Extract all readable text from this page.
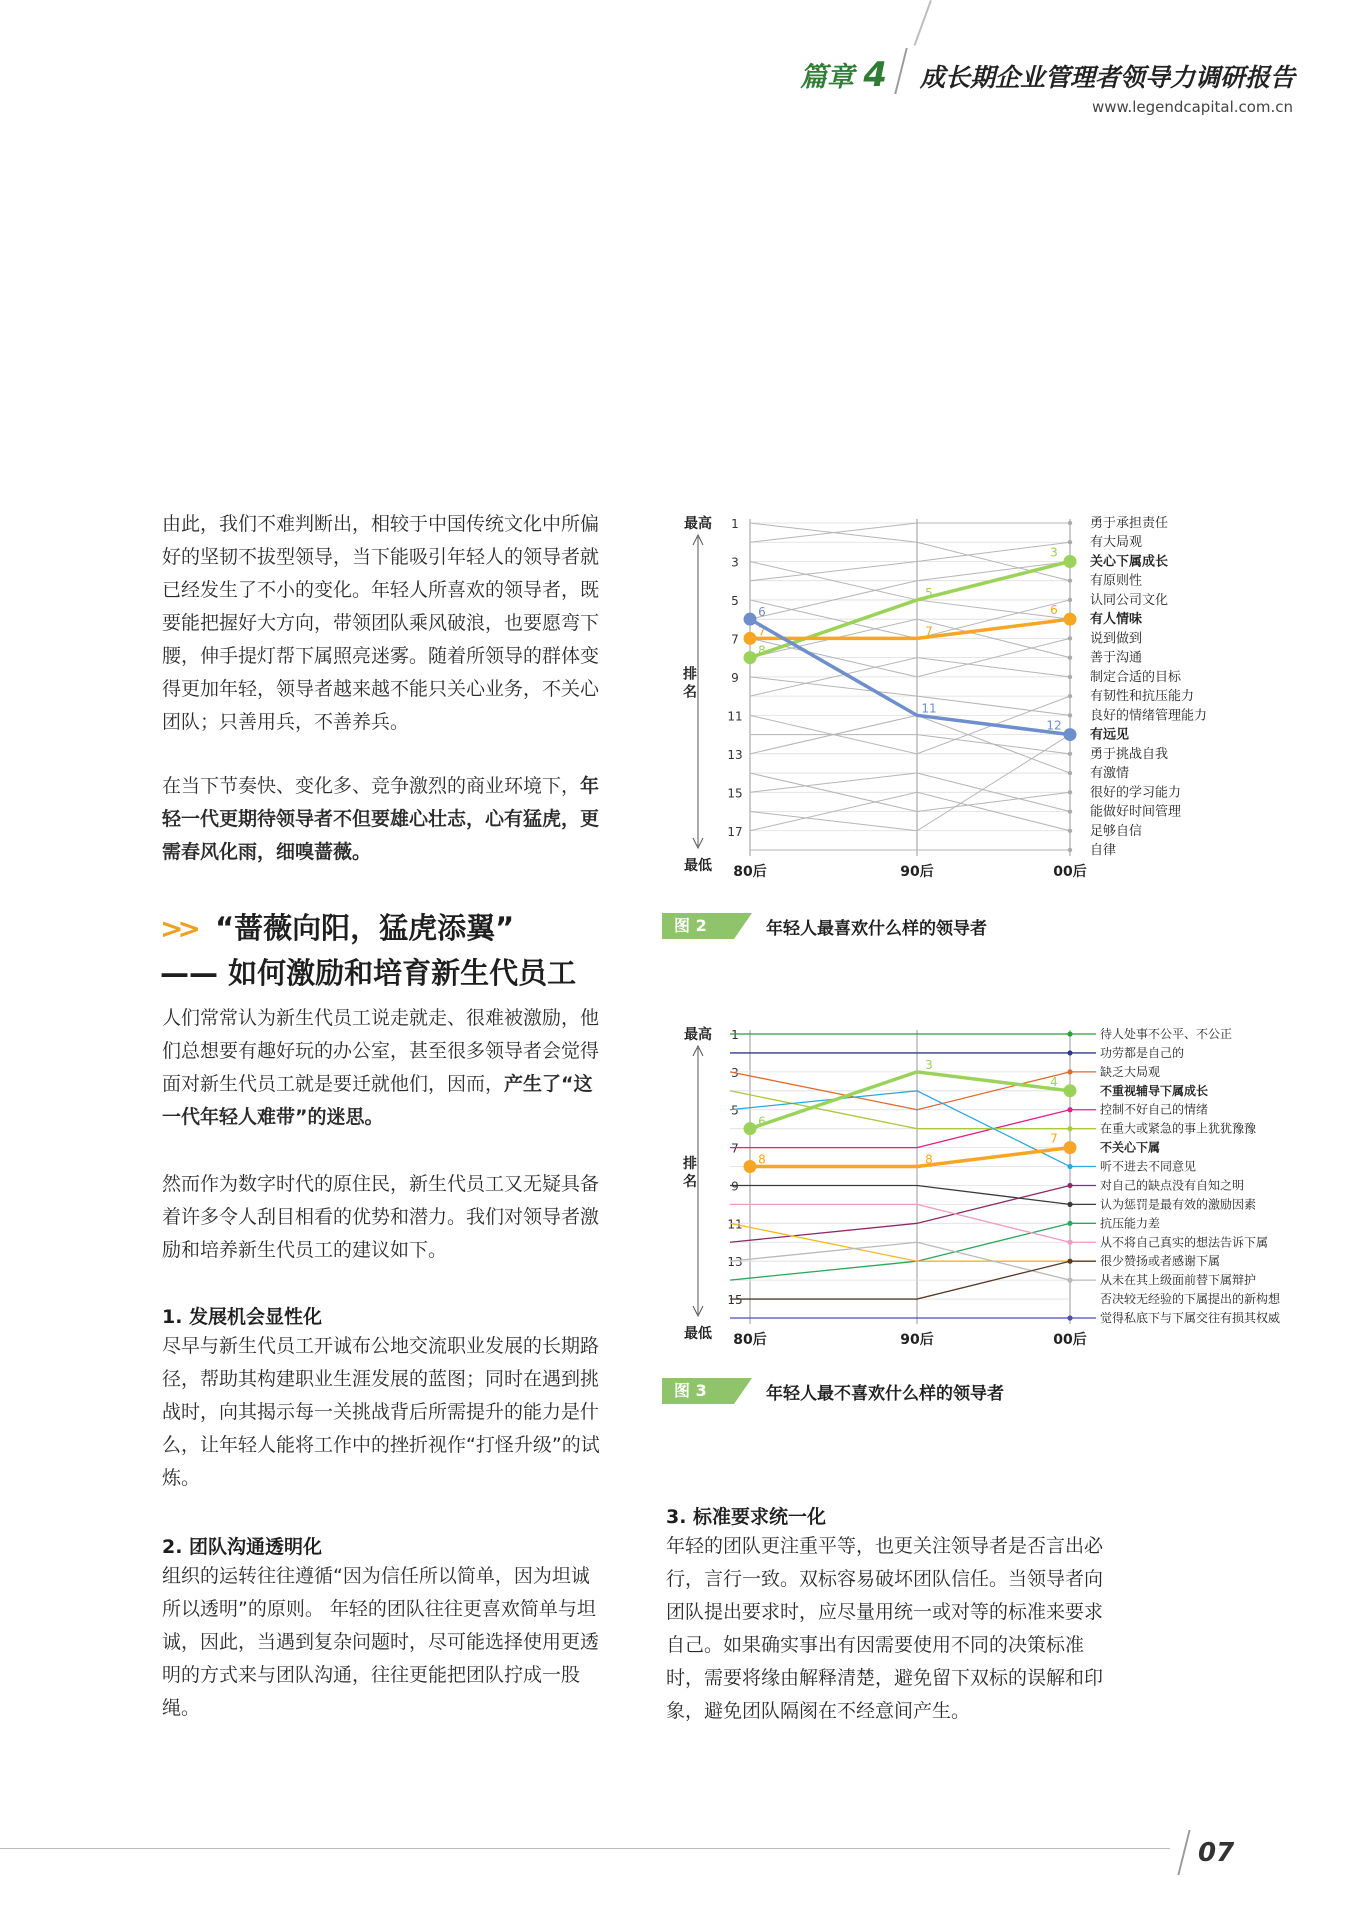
篇章 4 成长期企业管理者领导力调研报告
www.legendcapital.com.cn

由此，我们不难判断出，相较于中国传统文化中所偏好的坚韧不拔型领导，当下能吸引年轻人的领导者就已经发生了不小的变化。年轻人所喜欢的领导者，既要能把握好大方向，带领团队乘风破浪，也要愿弯下腰，伸手提灯帮下属照亮迷雾。随着所领导的群体变得更加年轻，领导者越来越不能只关心业务，不关心团队；只善用兵，不善养兵。

在当下节奏快、变化多、竞争激烈的商业环境下，年轻一代更期待领导者不但要雄心壮志，心有猛虎，更需春风化雨，细嗅蔷薇。

>> “蔷薇向阳，猛虎添翼”
—— 如何激励和培育新生代员工

人们常常认为新生代员工说走就走、很难被激励，他们总想要有趣好玩的办公室，甚至很多领导者会觉得面对新生代员工就是要迁就他们，因而，产生了“这一代年轻人难带”的迷思。

然而作为数字时代的原住民，新生代员工又无疑具备着许多令人刮目相看的优势和潜力。我们对领导者激励和培养新生代员工的建议如下。

1. 发展机会显性化

尽早与新生代员工开诚布公地交流职业发展的长期路径，帮助其构建职业生涯发展的蓝图；同时在遇到挑战时，向其揭示每一关挑战背后所需提升的能力是什么，让年轻人能将工作中的挫折视作“打怪升级”的试炼。

2. 团队沟通透明化

组织的运转往往遵循“因为信任所以简单，因为坦诚所以透明”的原则。 年轻的团队往往更喜欢简单与坦诚，因此，当遇到复杂问题时，尽可能选择使用更透明的方式来与团队沟通，往往更能把团队拧成一股绳。

3. 标准要求统一化

年轻的团队更注重平等，也更关注领导者是否言出必行，言行一致。双标容易破坏团队信任。当领导者向团队提出要求时，应尽量用统一或对等的标准来要求自己。如果确实事出有因需要使用不同的决策标准时，需要将缘由解释清楚，避免留下双标的误解和印象，避免团队隔阂在不经意间产生。

最高
最低
排
名
1
3
5
7
9
11
13
15
17
8
5
3
7	7
6
6
11
12
勇于承担责任
有大局观
关心下属成长
有原则性
认同公司文化
有人情味
说到做到
善于沟通
制定合适的目标
有韧性和抗压能力
良好的情绪管理能力
有远见
勇于挑战自我
有激情
很好的学习能力
能做好时间管理
足够自信
自律
80后	90后	00后
图 2	年轻人最喜欢什么样的领导者
最高
最低
排
名
1
3
5
7
9
11
13
15
6
3
4
8	8
7
待人处事不公平、不公正
功劳都是自己的
缺乏大局观
不重视辅导下属成长
控制不好自己的情绪
在重大或紧急的事上犹犹豫豫
不关心下属
听不进去不同意见
对自己的缺点没有自知之明
认为惩罚是最有效的激励因素
抗压能力差
从不将自己真实的想法告诉下属
很少赞扬或者感谢下属
从未在其上级面前替下属辩护
否决较无经验的下属提出的新构想
觉得私底下与下属交往有损其权威
80后	90后	00后
图 3	年轻人最不喜欢什么样的领导者
07
